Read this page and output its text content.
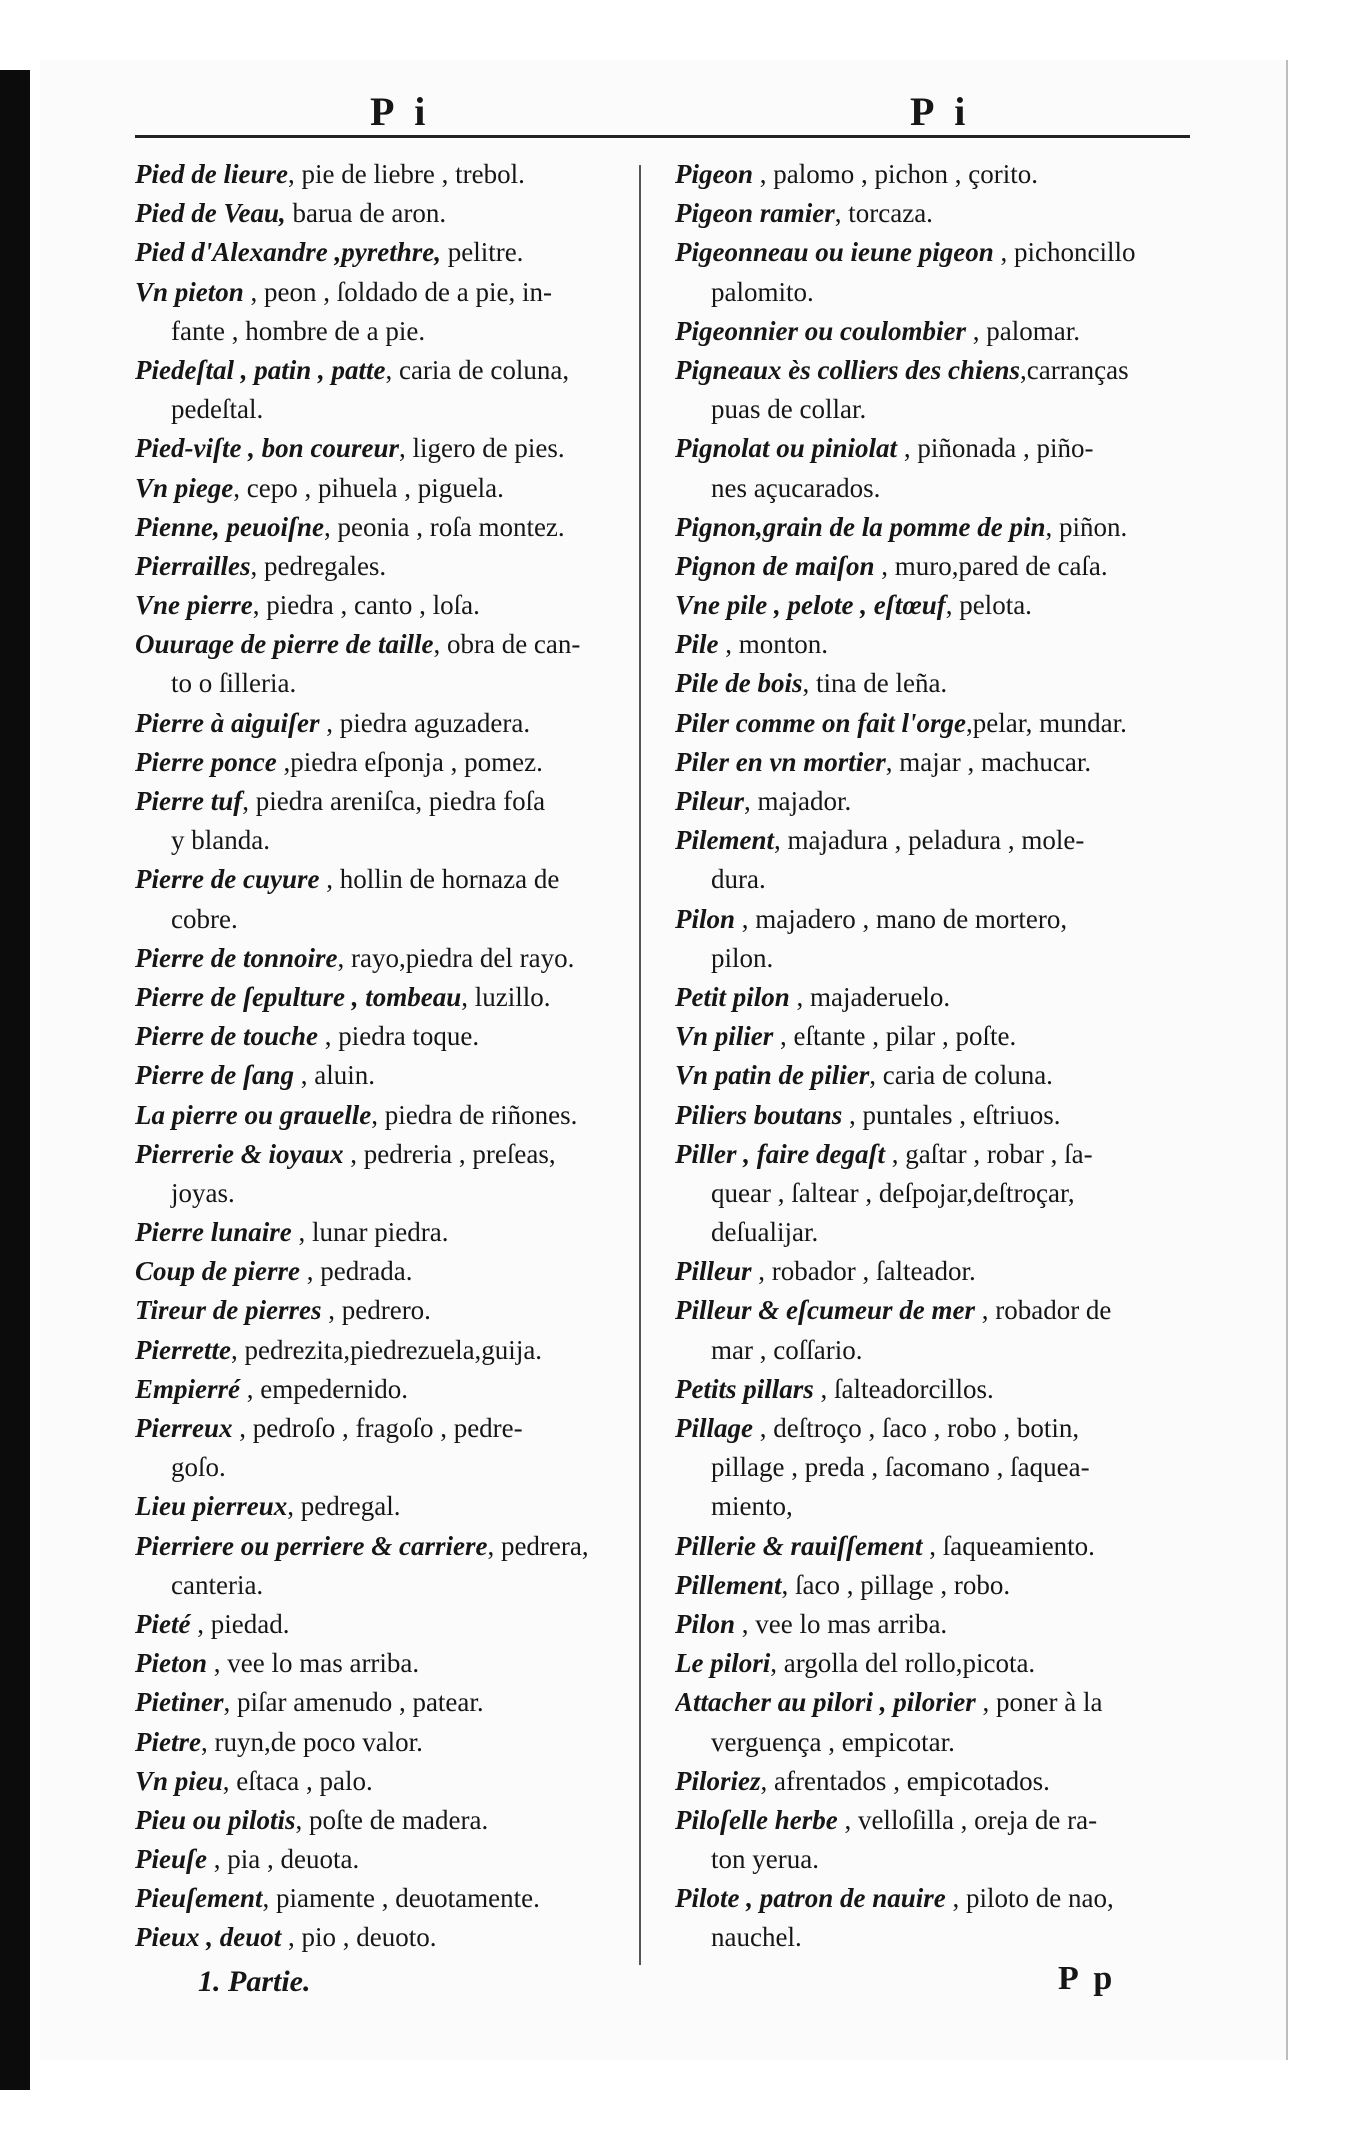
P i	P i
Pied de lieure, pie de liebre , trebol.
Pied de Veau, barua de aron.
Pied d'Alexandre ,pyrethre, pelitre.
Vn pieton , peon , ſoldado de a pie, in-
fante , hombre de a pie.
Piedeſtal , patin , patte, caria de coluna,
pedeſtal.
Pied-viſte , bon coureur, ligero de pies.
Vn piege, cepo , pihuela , piguela.
Pienne, peuoiſne, peonia , roſa montez.
Pierrailles, pedregales.
Vne pierre, piedra , canto , loſa.
Ouurage de pierre de taille, obra de can-
to o ſilleria.
Pierre à aiguiſer , piedra aguzadera.
Pierre ponce ,piedra eſponja , pomez.
Pierre tuf, piedra areniſca, piedra foſa
y blanda.
Pierre de cuyure , hollin de hornaza de
cobre.
Pierre de tonnoire, rayo,piedra del rayo.
Pierre de ſepulture , tombeau, luzillo.
Pierre de touche , piedra toque.
Pierre de ſang , aluin.
La pierre ou grauelle, piedra de riñones.
Pierrerie & ioyaux , pedreria , preſeas,
joyas.
Pierre lunaire , lunar piedra.
Coup de pierre , pedrada.
Tireur de pierres , pedrero.
Pierrette, pedrezita,piedrezuela,guija.
Empierré , empedernido.
Pierreux , pedroſo , fragoſo , pedre-
goſo.
Lieu pierreux, pedregal.
Pierriere ou perriere & carriere, pedrera,
canteria.
Pieté , piedad.
Pieton , vee lo mas arriba.
Pietiner, piſar amenudo , patear.
Pietre, ruyn,de poco valor.
Vn pieu, eſtaca , palo.
Pieu ou pilotis, poſte de madera.
Pieuſe , pia , deuota.
Pieuſement, piamente , deuotamente.
Pieux , deuot , pio , deuoto.
Pigeon , palomo , pichon , çorito.
Pigeon ramier, torcaza.
Pigeonneau ou ieune pigeon , pichoncillo
palomito.
Pigeonnier ou coulombier , palomar.
Pigneaux ès colliers des chiens,carranças
puas de collar.
Pignolat ou piniolat , piñonada , piño-
nes açucarados.
Pignon,grain de la pomme de pin, piñon.
Pignon de maiſon , muro,pared de caſa.
Vne pile , pelote , eſtœuf, pelota.
Pile , monton.
Pile de bois, tina de leña.
Piler comme on fait l'orge,pelar, mundar.
Piler en vn mortier, majar , machucar.
Pileur, majador.
Pilement, majadura , peladura , mole-
dura.
Pilon , majadero , mano de mortero,
pilon.
Petit pilon , majaderuelo.
Vn pilier , eſtante , pilar , poſte.
Vn patin de pilier, caria de coluna.
Piliers boutans , puntales , eſtriuos.
Piller , faire degaſt , gaſtar , robar , ſa-
quear , ſaltear , deſpojar,deſtroçar,
deſualijar.
Pilleur , robador , ſalteador.
Pilleur & eſcumeur de mer , robador de
mar , coſſario.
Petits pillars , ſalteadorcillos.
Pillage , deſtroço , ſaco , robo , botin,
pillage , preda , ſacomano , ſaquea-
miento,
Pillerie & rauiſſement , ſaqueamiento.
Pillement, ſaco , pillage , robo.
Pilon , vee lo mas arriba.
Le pilori, argolla del rollo,picota.
Attacher au pilori , pilorier , poner à la
verguença , empicotar.
Piloriez, afrentados , empicotados.
Piloſelle herbe , velloſilla , oreja de ra-
ton yerua.
Pilote , patron de nauire , piloto de nao,
nauchel.
1. Partie.	P p
